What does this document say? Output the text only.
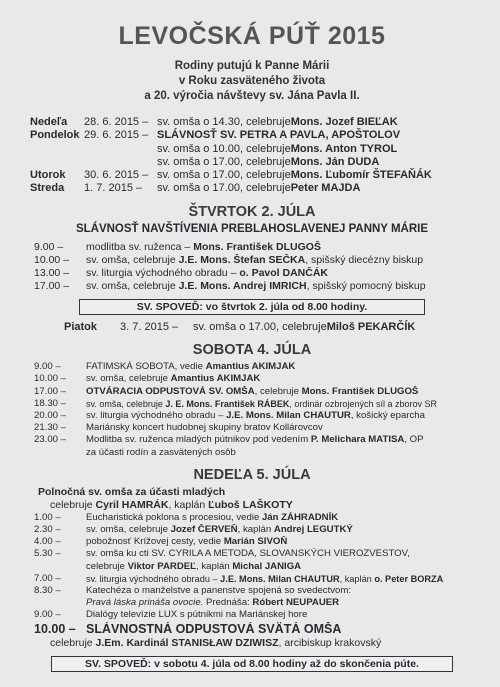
LEVOČSKÁ PÚŤ 2015
Rodiny putujú k Panne Márii
v Roku zasväteného života
a 20. výročia návštevy sv. Jána Pavla II.
Nedeľa	28. 6. 2015 – sv. omša o 14.30, celebruje Mons. Jozef BIEĽAK
Pondelok 29. 6. 2015 – SLÁVNOSŤ SV. PETRA A PAVLA, APOŠTOLOV
sv. omša o 10.00, celebruje Mons. Anton TYROL
sv. omša o 17.00, celebruje Mons. Ján DUDA
Utorok	30. 6. 2015 – sv. omša o 17.00, celebruje Mons. Ľubomír ŠTEFAŇÁK
Streda	1. 7. 2015 –	sv. omša o 17.00, celebruje Peter MAJDA
ŠTVRTOK 2. JÚLA
SLÁVNOSŤ NAVŠTÍVENIA PREBLAHOSLAVENEJ PANNY MÁRIE
9.00 –	modlitba sv. ruženca – Mons. František DLUGOŠ
10.00 –	sv. omša, celebruje J.E. Mons. Štefan SEČKA, spišský diecézny biskup
13.00 –	sv. liturgia východného obradu – o. Pavol DANČÁK
17.00 –	sv. omša, celebruje J.E. Mons. Andrej IMRICH, spišský pomocný biskup
SV. SPOVEĎ: vo štvrtok 2. júla od 8.00 hodiny.
Piatok	3. 7. 2015 –	sv. omša o 17.00, celebruje Miloš PEKARČÍK
SOBOTA 4. JÚLA
9.00 –	FATIMSKÁ SOBOTA, vedie Amantius AKIMJAK
10.00 –	sv. omša, celebruje Amantius AKIMJAK
17.00 –	OTVÁRACIA ODPUSTOVÁ SV. OMŠA, celebruje Mons. František DLUGOŠ
18.30 –	sv. omša, celebruje J. E. Mons. František RÁBEK, ordinár ozbrojených síl a zborov SR
20.00 –	sv. liturgia východného obradu – J.E. Mons. Milan CHAUTUR, košický eparcha
21.30 –	Mariánsky koncert hudobnej skupiny bratov Kollárovcov
23.00 –	Modlitba sv. ruženca mladých pútnikov pod vedením P. Melichara MATISA, OP
za účasti rodín a zasvätených osôb
NEDEĽA 5. JÚLA
Polnočná sv. omša za účasti mladých
celebruje Cyril HAMRÁK, kaplán Ľuboš LAŠKOTY
1.00 –	Eucharistická poklona s procesiou, vedie Ján ZÁHRADNÍK
2.30 –	sv. omša, celebruje Jozef ČERVEŇ, kaplán Andrej LEGUTKÝ
4.00 –	pobožnosť Krížovej cesty, vedie Marián SIVOŇ
5.30 –	sv. omša ku cti SV. CYRILA A METODA, SLOVANSKÝCH VIEROZVESTOV,
celebruje Viktor PARDEĽ, kaplán Michal JANIGA
7.00 –	sv. liturgia východného obradu – J.E. Mons. Milan CHAUTUR, kaplán o. Peter BORZA
8.30 –	Katechéza o manželstve a panenstve spojená so svedectvom:
Pravá láska prináša ovocie. Prednáša: Róbert NEUPAUER
9.00 –	Dialógy televízie LUX s pútnikmi na Mariánskej hore
10.00 – SLÁVNOSTNÁ ODPUSTOVÁ SVÄTÁ OMŠA
celebruje J.Em. Kardinál STANISŁAW DZIWISZ, arcibiskup krakovský
SV. SPOVEĎ: v sobotu 4. júla od 8.00 hodiny až do skončenia púte.
